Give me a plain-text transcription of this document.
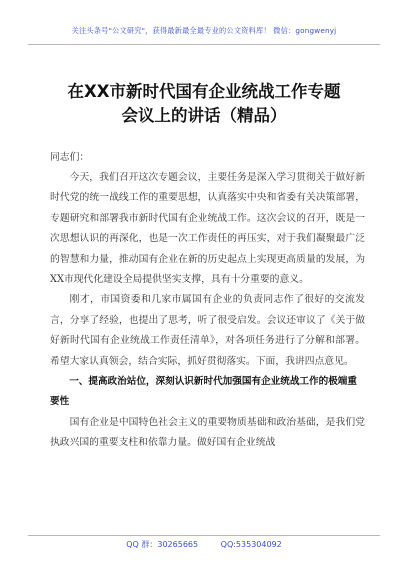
关注头条号"公文研究"，获得最新最全最专业的公文资料库！ 微信：gongwenyj
在XX市新时代国有企业统战工作专题
会议上的讲话（精品）
同志们：

今天，我们召开这次专题会议，主要任务是深入学习贯彻关于做好新时代党的统一战线工作的重要思想，认真落实中央和省委有关决策部署，专题研究和部署我市新时代国有企业统战工作。这次会议的召开，既是一次思想认识的再深化，也是一次工作责任的再压实，对于我们凝聚最广泛的智慧和力量，推动国有企业在新的历史起点上实现更高质量的发展，为XX市现代化建设全局提供坚实支撑，具有十分重要的意义。

刚才，市国资委和几家市属国有企业的负责同志作了很好的交流发言，分享了经验，也提出了思考，听了很受启发。会议还审议了《关于做好新时代国有企业统战工作责任清单》，对各项任务进行了分解和部署。希望大家认真领会，结合实际，抓好贯彻落实。下面，我讲四点意见。

一、提高政治站位，深刻认识新时代加强国有企业统战工作的极端重要性

国有企业是中国特色社会主义的重要物质基础和政治基础，是我们党执政兴国的重要支柱和依靠力量。做好国有企业统战

QQ 群：30265665	QQ:535304092
